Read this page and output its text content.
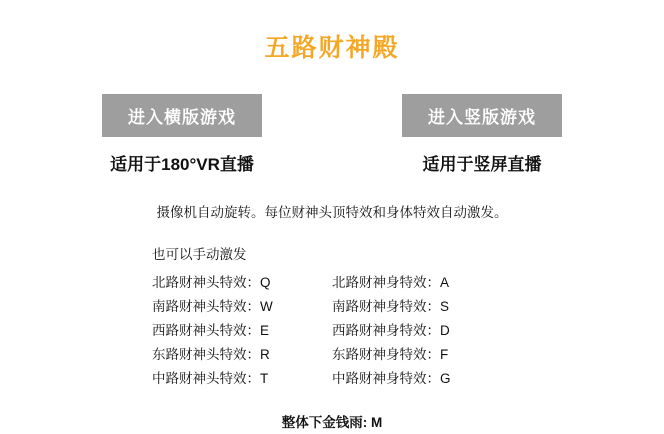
五路财神殿
进入横版游戏
适用于180°VR直播
进入竖版游戏
适用于竖屏直播
摄像机自动旋转。每位财神头顶特效和身体特效自动激发。
也可以手动激发
北路财神头特效：Q	北路财神身特效：A
南路财神头特效：W	南路财神身特效：S
西路财神头特效：E	西路财神身特效：D
东路财神头特效：R	东路财神身特效：F
中路财神头特效：T	中路财神身特效：G
整体下金钱雨: M
